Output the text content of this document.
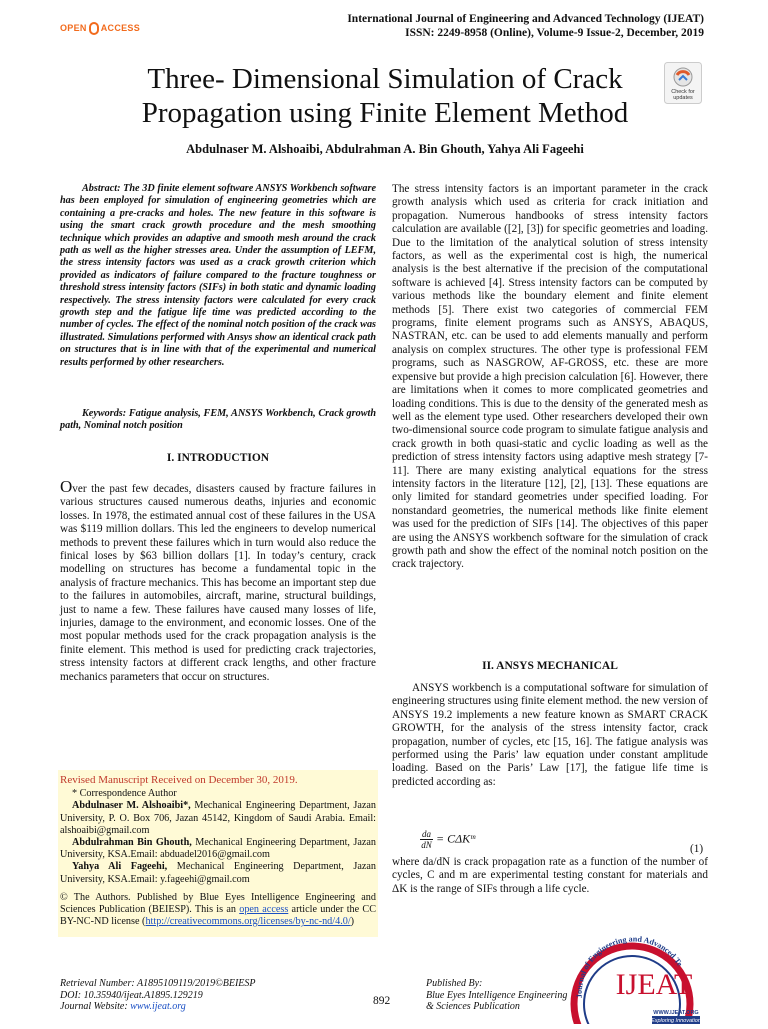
OPEN ACCESS
International Journal of Engineering and Advanced Technology (IJEAT)
ISSN: 2249-8958 (Online), Volume-9 Issue-2, December, 2019
Three- Dimensional Simulation of Crack
Propagation using Finite Element Method
Check for
updates
Abdulnaser M. Alshoaibi, Abdulrahman A. Bin Ghouth, Yahya Ali Fageehi

Abstract: The 3D finite element software ANSYS Workbench software has been employed for simulation of engineering geometries which are containing a pre-cracks and holes. The new feature in this software is using the smart crack growth procedure and the mesh smoothing technique which provides an adaptive and smooth mesh around the crack path as well as the higher stresses area. Under the assumption of LEFM, the stress intensity factors was used as a crack growth criterion which provided as indicators of failure compared to the fracture toughness or threshold stress intensity factors (SIFs) in both static and dynamic loading respectively. The stress intensity factors were calculated for every crack growth step and the fatigue life time was predicted according to the number of cycles. The effect of the nominal notch position of the crack was illustrated. Simulations performed with Ansys show an identical crack path on structures that is in line with that of the experimental and numerical results performed by other researchers.

Keywords: Fatigue analysis, FEM, ANSYS Workbench, Crack growth path, Nominal notch position

I. INTRODUCTION

Over the past few decades, disasters caused by fracture failures in various structures caused numerous deaths, injuries and economic losses. In 1978, the estimated annual cost of these failures in the USA was $119 million dollars. This led the engineers to develop numerical methods to prevent these failures which in turn would also reduce the finical loses by $63 billion dollars [1]. In today’s century, crack modelling on structures has become a fundamental topic in the analysis of fracture mechanics. This has become an important step due to the failures in automobiles, aircraft, marine, structural buildings, just to name a few. These failures have caused many losses of life, injuries, damage to the environment, and economic losses. One of the most popular methods used for the crack propagation analysis is the finite element. This method is used for predicting crack trajectories, stress intensity factors at different crack lengths, and other fracture mechanics parameters that occur on structures.

Revised Manuscript Received on December 30, 2019.

* Correspondence Author

Abdulnaser M. Alshoaibi*, Mechanical Engineering Department, Jazan University, P. O. Box 706, Jazan 45142, Kingdom of Saudi Arabia. Email: alshoaibi@gmail.com

Abdulrahman Bin Ghouth, Mechanical Engineering Department, Jazan University, KSA.Email: abduadel2016@gmail.com

Yahya Ali Fageehi, Mechanical Engineering Department, Jazan University, KSA.Email: y.fageehi@gmail.com

© The Authors. Published by Blue Eyes Intelligence Engineering and Sciences Publication (BEIESP). This is an open access article under the CC BY-NC-ND license (http://creativecommons.org/licenses/by-nc-nd/4.0/)

The stress intensity factors is an important parameter in the crack growth analysis which used as criteria for crack initiation and propagation. Numerous handbooks of stress intensity factors calculation are available ([2], [3]) for specific geometries and loading. Due to the limitation of the analytical solution of stress intensity factors, as well as the experimental cost is high, the numerical analysis is the best alternative if the precision of the computational software is achieved [4]. Stress intensity factors can be computed by various methods like the boundary element and finite element methods [5]. There exist two categories of commercial FEM programs, finite element programs such as ANSYS, ABAQUS, NASTRAN, etc. can be used to add elements manually and perform analysis on complex structures. The other type is professional FEM programs, such as NASGROW, AF-GROSS, etc. these are more expensive but provide a high precision calculation [6]. However, there are limitations when it comes to more complicated geometries and loading conditions. This is due to the density of the generated mesh as well as the element type used. Other researchers developed their own two-dimensional source code program to simulate fatigue analysis and crack growth in both quasi-static and cyclic loading as well as the prediction of stress intensity factors using adaptive mesh strategy [7-11]. There are many existing analytical equations for the stress intensity factors in the literature [12], [2], [13]. These equations are only limited for standard geometries under specified loading. For nonstandard geometries, the numerical methods like finite element was used for the prediction of SIFs [14]. The objectives of this paper are using the ANSYS workbench software for the simulation of crack growth path and show the effect of the nominal notch position on the crack trajectory.

II. ANSYS MECHANICAL

ANSYS workbench is a computational software for simulation of engineering structures using finite element method. the new version of ANSYS 19.2 implements a new feature known as SMART CRACK GROWTH, for the analysis of the stress intensity factor, crack propagation, number of cycles, etc [15, 16]. The fatigue analysis was performed using the Paris’ law equation under constant amplitude loading. Based on the Paris’ Law [17], the fatigue life time is predicted according as:

$\frac{da}{dN}$ = CΔKᵐ
(1)

where da/dN is crack propagation rate as a function of the number of cycles, C and m are experimental testing constant for materials and ΔK is the range of SIFs through a life cycle.

Journal of Engineering and Advanced Te
IJEAT
WWW.IJEAT.ORG
Exploring Innovation
Retrieval Number: A1895109119/2019©BEIESP
DOI: 10.35940/ijeat.A1895.129219
Journal Website: www.ijeat.org	892
Published By:
Blue Eyes Intelligence Engineering
& Sciences Publication
